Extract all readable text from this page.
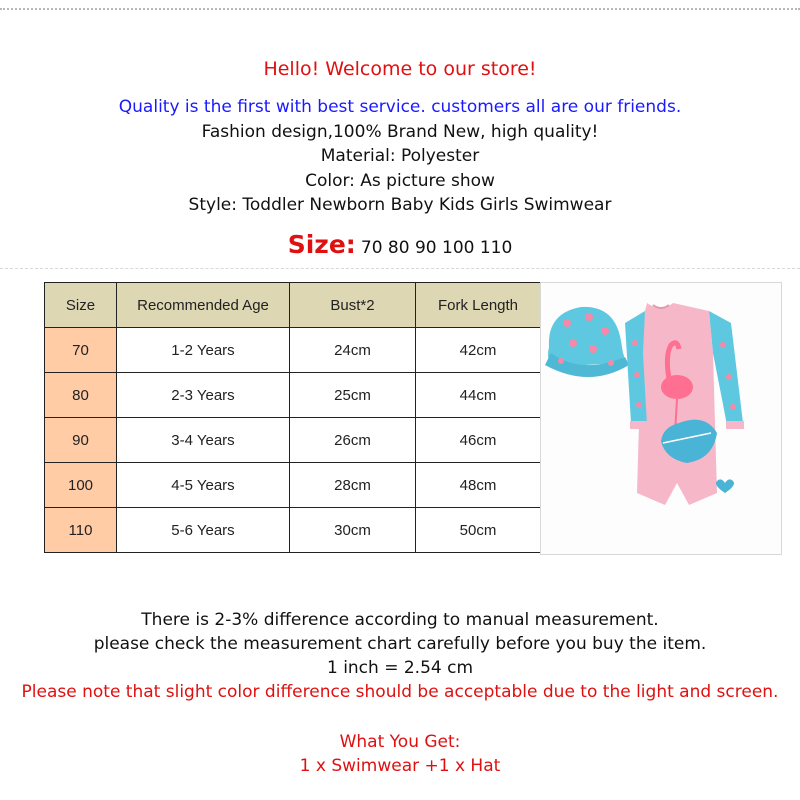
Hello! Welcome to our store!
Quality is the first with best service. customers all are our friends.
Fashion design,100% Brand New, high quality!
Material: Polyester
Color: As picture show
Style: Toddler Newborn Baby Kids Girls Swimwear
Size: 70 80 90 100 110
Size	Recommended Age	Bust*2	Fork Length
70	1-2 Years	24cm	42cm
80	2-3 Years	25cm	44cm
90	3-4 Years	26cm	46cm
100	4-5 Years	28cm	48cm
110	5-6 Years	30cm	50cm
There is 2-3% difference according to manual measurement.
please check the measurement chart carefully before you buy the item.
1 inch = 2.54 cm
Please note that slight color difference should be acceptable due to the light and screen.
What You Get:
1 x Swimwear +1 x Hat
